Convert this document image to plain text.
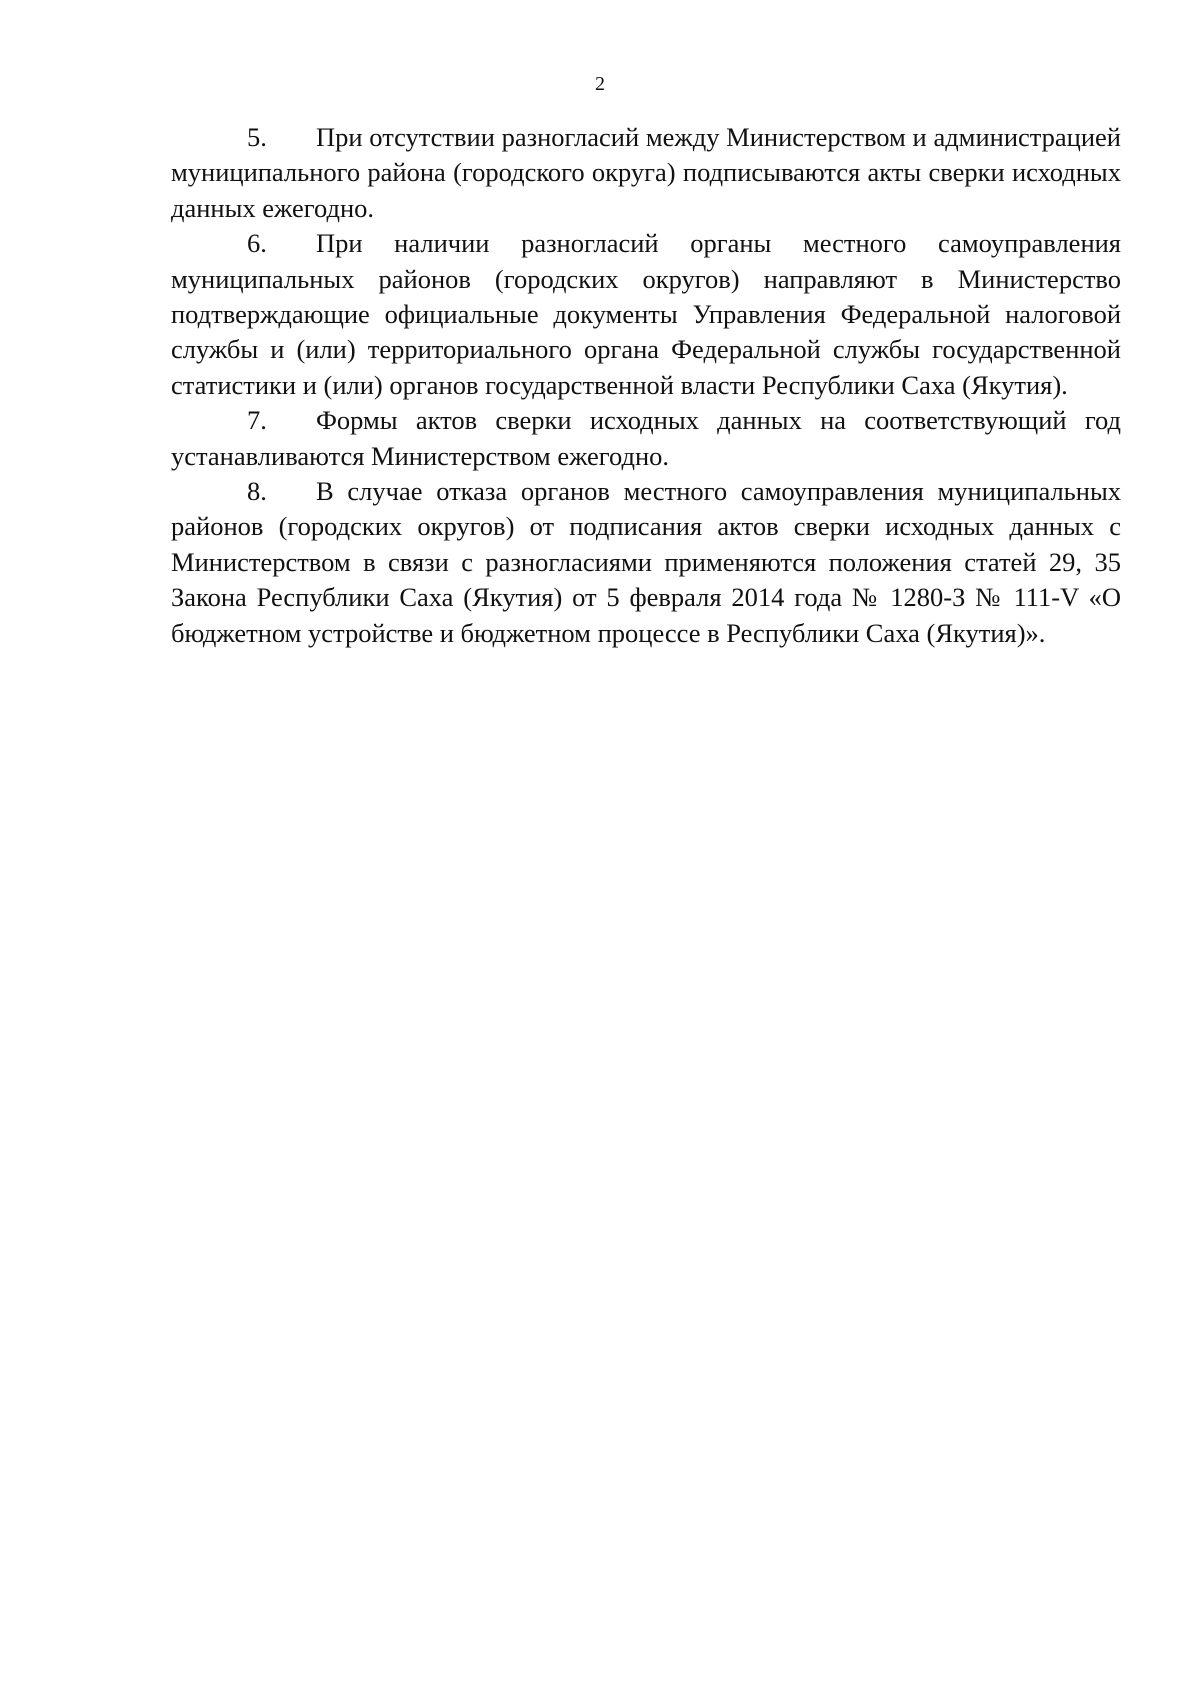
2

5. При отсутствии разногласий между Министерством и администрацией муниципального района (городского округа) подписываются акты сверки исходных данных ежегодно.

6. При наличии разногласий органы местного самоуправления муниципальных районов (городских округов) направляют в Министерство подтверждающие официальные документы Управления Федеральной налоговой службы и (или) территориального органа Федеральной службы государственной статистики и (или) органов государственной власти Республики Саха (Якутия).

7. Формы актов сверки исходных данных на соответствующий год устанавливаются Министерством ежегодно.

8. В случае отказа органов местного самоуправления муниципальных районов (городских округов) от подписания актов сверки исходных данных с Министерством в связи с разногласиями применяются положения статей 29, 35 Закона Республики Саха (Якутия) от 5 февраля 2014 года № 1280-З № 111-V «О бюджетном устройстве и бюджетном процессе в Республики Саха (Якутия)».
